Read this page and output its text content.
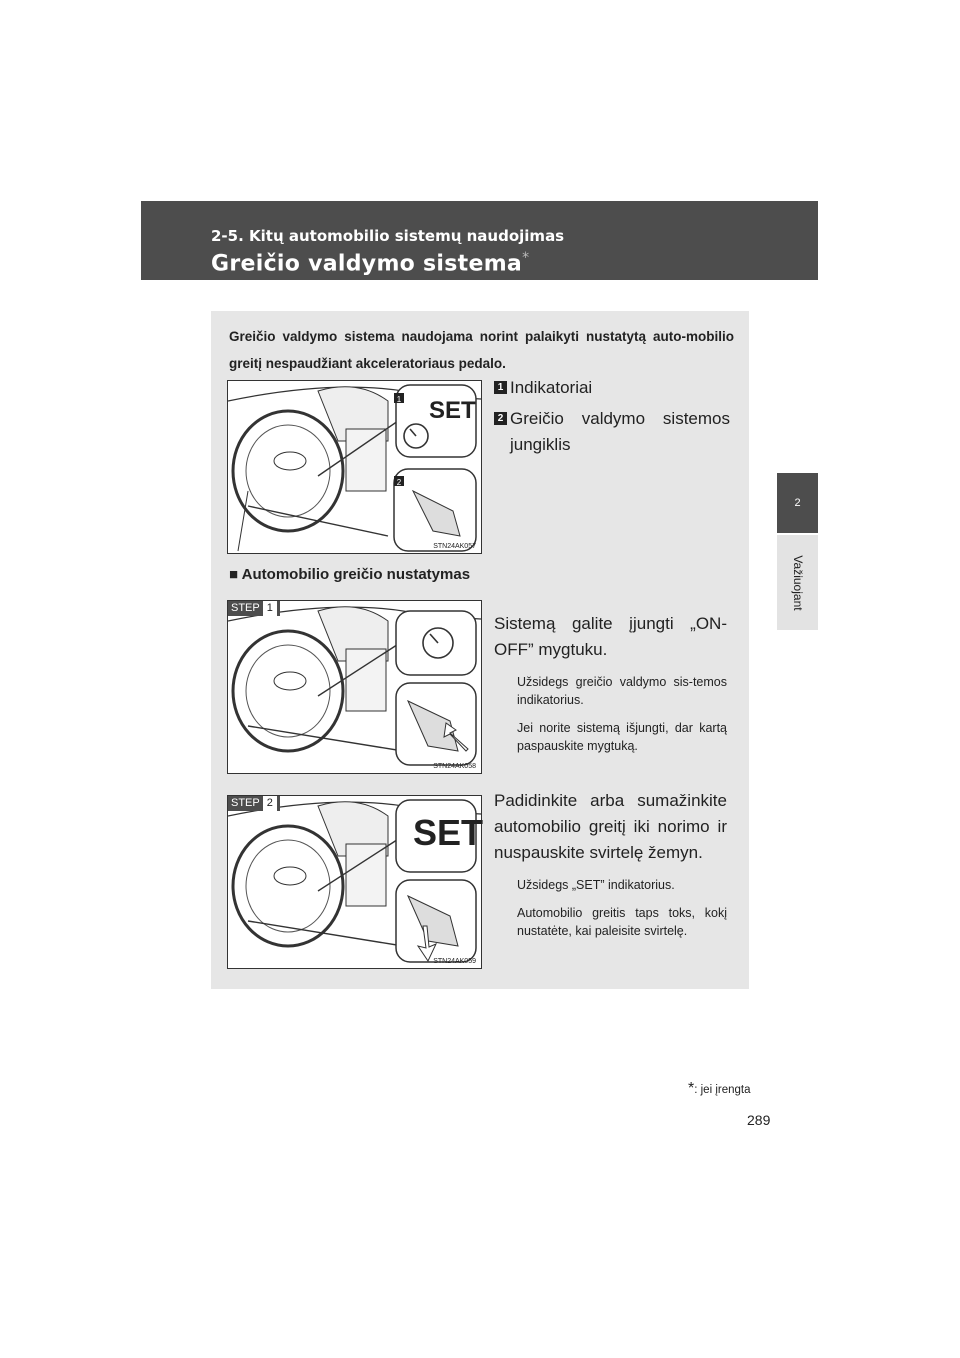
2-5. Kitų automobilio sistemų naudojimas
Greičio valdymo sistema*
2
Važiuojant
Greičio valdymo sistema naudojama norint palaikyti nustatytą auto-mobilio greitį nespaudžiant akceleratoriaus pedalo.
1
2
SET
STN24AK057
1 Indikatoriai
2 Greičio valdymo sistemos jungiklis
■ Automobilio greičio nustatymas
STEP 1
STN24AK058
Sistemą galite įjungti „ON-OFF” mygtuku.
Užsidegs greičio valdymo sis-temos indikatorius.
Jei norite sistemą išjungti, dar kartą paspauskite mygtuką.
SET
STEP 2
STN24AK059
Padidinkite arba sumažinkite automobilio greitį iki norimo ir nuspauskite svirtelę žemyn.
Užsidegs „SET” indikatorius.
Automobilio greitis taps toks, kokį nustatėte, kai paleisite svirtelę.
*: jei įrengta
289
